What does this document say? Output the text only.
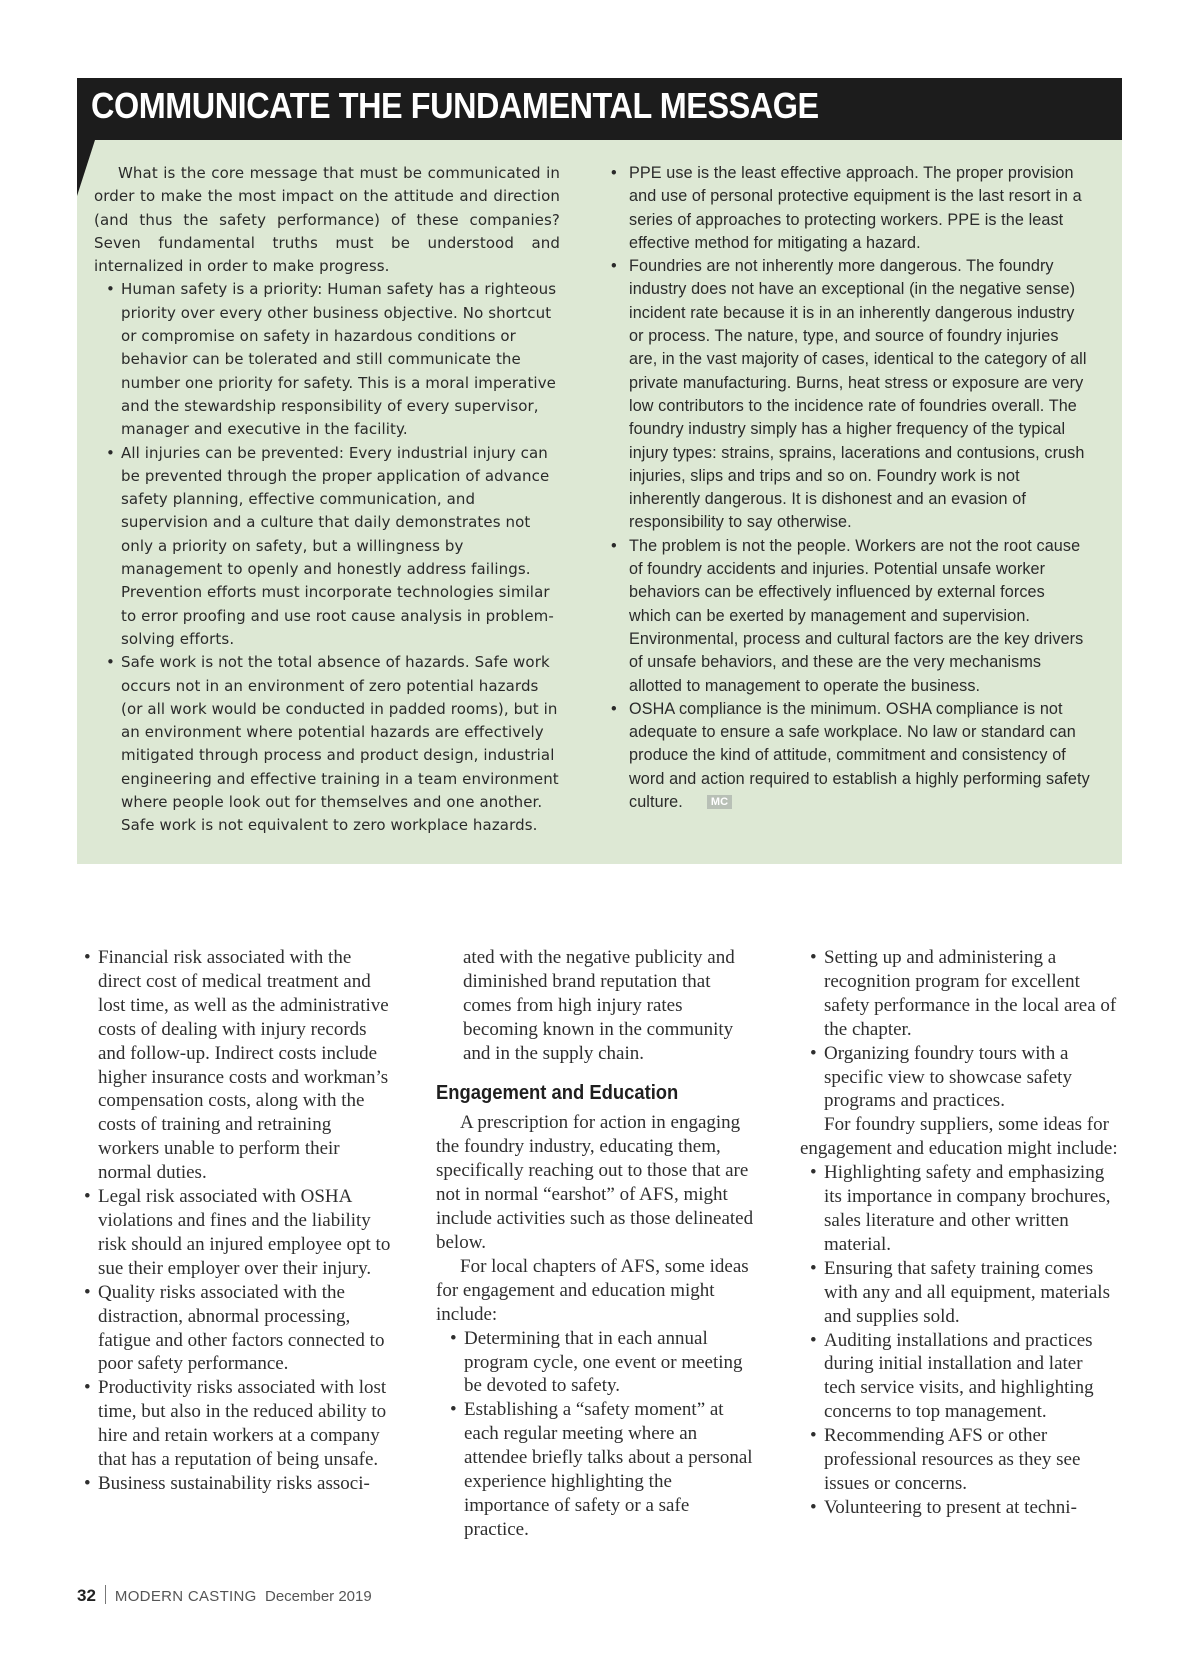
COMMUNICATE THE FUNDAMENTAL MESSAGE

What is the core message that must be communicated in order to make the most impact on the attitude and direction (and thus the safety performance) of these companies? Seven fundamental truths must be understood and internalized in order to make progress.

• Human safety is a priority: Human safety has a righteous priority over every other business objective. No shortcut or compromise on safety in hazardous conditions or behavior can be tolerated and still communicate the number one priority for safety. This is a moral imperative and the stewardship responsibility of every supervisor, manager and executive in the facility.
• All injuries can be prevented: Every industrial injury can be prevented through the proper application of advance safety planning, effective communication, and supervision and a culture that daily demonstrates not only a priority on safety, but a willingness by management to openly and honestly address failings. Prevention efforts must incorporate technologies similar to error proofing and use root cause analysis in problem-solving efforts.
• Safe work is not the total absence of hazards. Safe work occurs not in an environment of zero potential hazards (or all work would be conducted in padded rooms), but in an environment where potential hazards are effectively mitigated through process and product design, industrial engineering and effective training in a team environment where people look out for themselves and one another. Safe work is not equivalent to zero workplace hazards.
• PPE use is the least effective approach. The proper provision and use of personal protective equipment is the last resort in a series of approaches to protecting workers. PPE is the least effective method for mitigating a hazard.
• Foundries are not inherently more dangerous. The foundry industry does not have an exceptional (in the negative sense) incident rate because it is in an inherently dangerous industry or process. The nature, type, and source of foundry injuries are, in the vast majority of cases, identical to the category of all private manufacturing. Burns, heat stress or exposure are very low contributors to the incidence rate of foundries overall. The foundry industry simply has a higher frequency of the typical injury types: strains, sprains, lacerations and contusions, crush injuries, slips and trips and so on. Foundry work is not inherently dangerous. It is dishonest and an evasion of responsibility to say otherwise.
• The problem is not the people. Workers are not the root cause of foundry accidents and injuries. Potential unsafe worker behaviors can be effectively influenced by external forces which can be exerted by management and supervision. Environmental, process and cultural factors are the key drivers of unsafe behaviors, and these are the very mechanisms allotted to management to operate the business.
• OSHA compliance is the minimum. OSHA compliance is not adequate to ensure a safe workplace. No law or standard can produce the kind of attitude, commitment and consistency of word and action required to establish a highly performing safety culture.	MC
• Financial risk associated with the direct cost of medical treatment and lost time, as well as the administrative costs of dealing with injury records and follow-up. Indirect costs include higher insurance costs and workman’s compensation costs, along with the costs of training and retraining workers unable to perform their normal duties.
• Legal risk associated with OSHA violations and fines and the liability risk should an injured employee opt to sue their employer over their injury.
• Quality risks associated with the distraction, abnormal processing, fatigue and other factors connected to poor safety performance.
• Productivity risks associated with lost time, but also in the reduced ability to hire and retain workers at a company that has a reputation of being unsafe.
• Business sustainability risks associ-

ated with the negative publicity and diminished brand reputation that comes from high injury rates becoming known in the community and in the supply chain.

Engagement and Education

A prescription for action in engaging the foundry industry, educating them, specifically reaching out to those that are not in normal “earshot” of AFS, might include activities such as those delineated below.

For local chapters of AFS, some ideas for engagement and education might include:

• Determining that in each annual program cycle, one event or meeting be devoted to safety.
• Establishing a “safety moment” at each regular meeting where an attendee briefly talks about a personal experience highlighting the importance of safety or a safe practice.
• Setting up and administering a recognition program for excellent safety performance in the local area of the chapter.
• Organizing foundry tours with a specific view to showcase safety programs and practices.

For foundry suppliers, some ideas for engagement and education might include:

• Highlighting safety and emphasizing its importance in company brochures, sales literature and other written material.
• Ensuring that safety training comes with any and all equipment, materials and supplies sold.
• Auditing installations and practices during initial installation and later tech service visits, and highlighting concerns to top management.
• Recommending AFS or other professional resources as they see issues or concerns.
• Volunteering to present at techni-
32 MODERN CASTING December 2019
